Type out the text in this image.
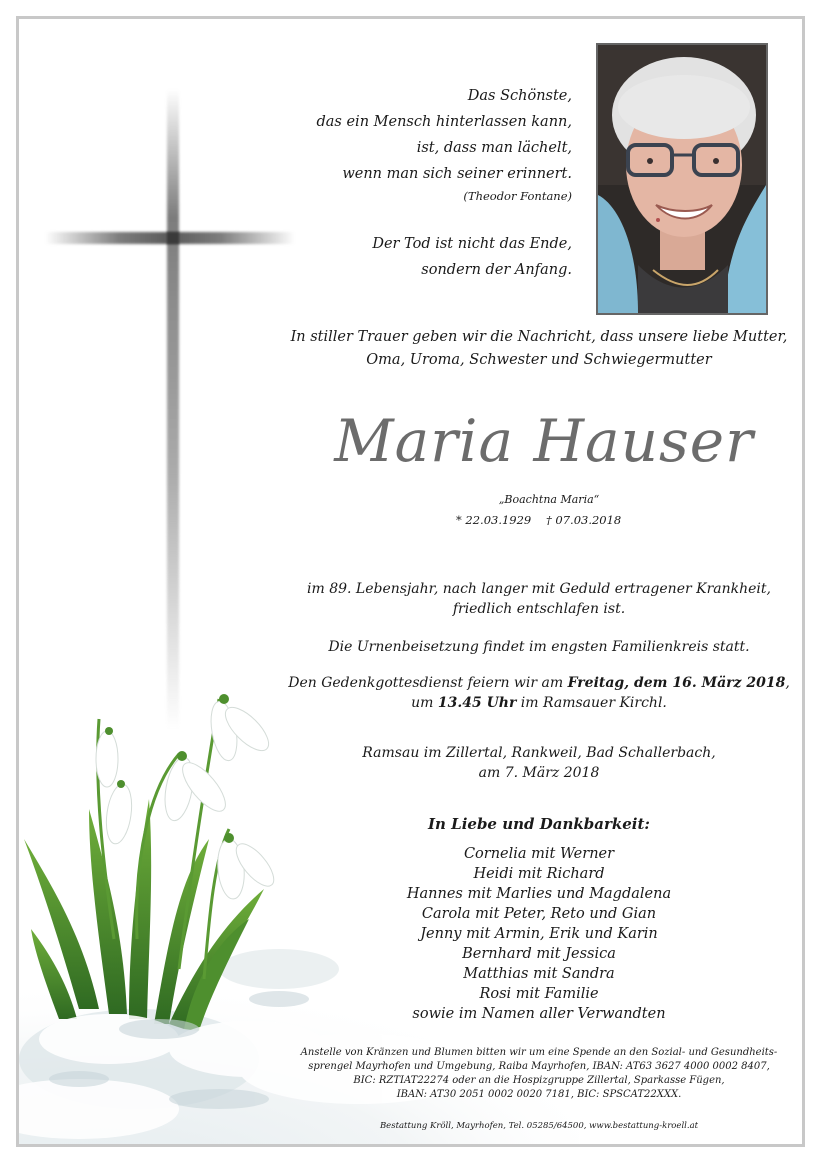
Das Schönste,
das ein Mensch hinterlassen kann,
ist, dass man lächelt,
wenn man sich seiner erinnert.
(Theodor Fontane)
Der Tod ist nicht das Ende,
sondern der Anfang.
In stiller Trauer geben wir die Nachricht, dass unsere liebe Mutter,
Oma, Uroma, Schwester und Schwiegermutter
Maria Hauser
„Boachtna Maria“
* 22.03.1929 † 07.03.2018
im 89. Lebensjahr, nach langer mit Geduld ertragener Krankheit,
friedlich entschlafen ist.
Die Urnenbeisetzung findet im engsten Familienkreis statt.
Den Gedenkgottesdienst feiern wir am Freitag, dem 16. März 2018,
um 13.45 Uhr im Ramsauer Kirchl.
Ramsau im Zillertal, Rankweil, Bad Schallerbach,
am 7. März 2018
In Liebe und Dankbarkeit:
Cornelia mit Werner
Heidi mit Richard
Hannes mit Marlies und Magdalena
Carola mit Peter, Reto und Gian
Jenny mit Armin, Erik und Karin
Bernhard mit Jessica
Matthias mit Sandra
Rosi mit Familie
sowie im Namen aller Verwandten
Anstelle von Kränzen und Blumen bitten wir um eine Spende an den Sozial- und Gesundheits-
sprengel Mayrhofen und Umgebung, Raiba Mayrhofen, IBAN: AT63 3627 4000 0002 8407,
BIC: RZTIAT22274 oder an die Hospizgruppe Zillertal, Sparkasse Fügen,
IBAN: AT30 2051 0002 0020 7181, BIC: SPSCAT22XXX.
Bestattung Kröll, Mayrhofen, Tel. 05285/64500, www.bestattung-kroell.at
